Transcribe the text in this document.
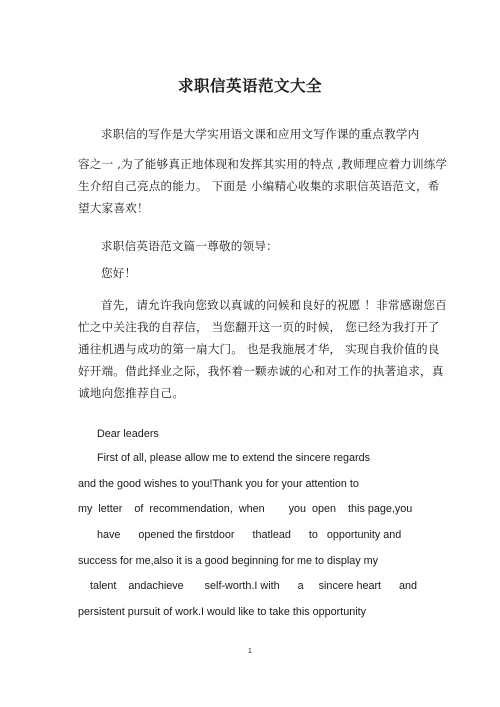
求职信英语范文大全
求职信的写作是大学实用语文课和应用文写作课的重点教学内
容之一 ,为了能够真正地体现和发挥其实用的特点 ,教师理应着力训练学
生介绍自己亮点的能力。 下面是 小编精心收集的求职信英语范文，希
望大家喜欢！
求职信英语范文篇一尊敬的领导：
您好！
首先，请允许我向您致以真诚的问候和良好的祝愿 ！非常感谢您百
忙之中关注我的自荐信， 当您翻开这一页的时候， 您已经为我打开了
通往机遇与成功的第一扇大门。 也是我施展才华， 实现自我价值的良
好开端。借此择业之际，我怀着一颗赤诚的心和对工作的执著追求，真
诚地向您推荐自己。
Dear leaders
First of all, please allow me to extend the sincere regards
and the good wishes to you!Thank you for your attention to
my  letter    of  recommendation,  when        you  open    this page,you
have      opened the firstdoor      thatlead      to   opportunity and
success for me,also it is a good beginning for me to display my
talent    andachieve       self-worth.I with      a     sincere heart      and
persistent pursuit of work.I would like to take this opportunity
1
